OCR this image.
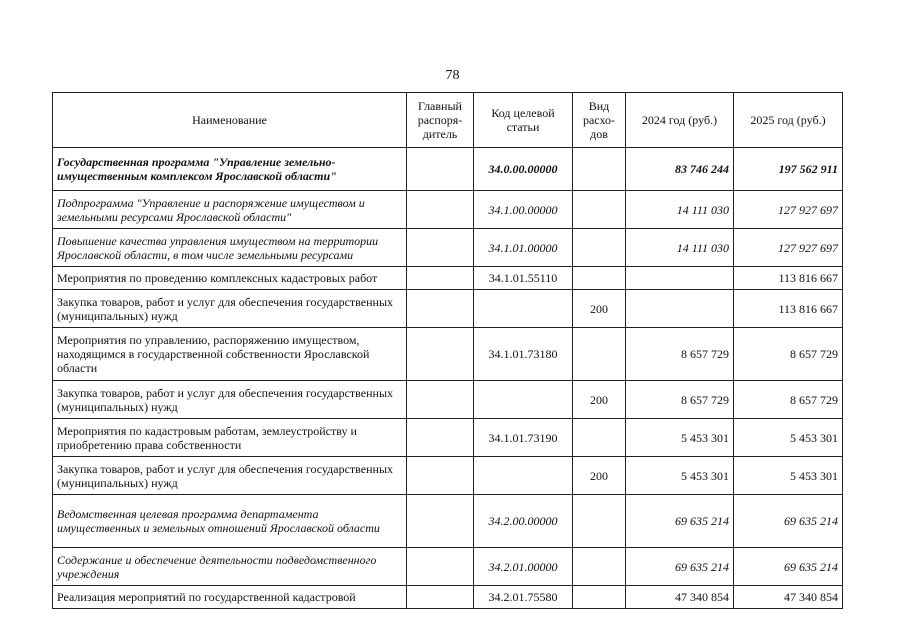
78
Наименование	Главный распоря-дитель	Код целевой статьи	Вид расхо-дов	2024 год (руб.)	2025 год (руб.)
Государственная программа "Управление земельно-имущественным комплексом Ярославской области"		34.0.00.00000		83 746 244	197 562 911
Подпрограмма "Управление и распоряжение имуществом и земельными ресурсами Ярославской области"		34.1.00.00000		14 111 030	127 927 697
Повышение качества управления имуществом на территории Ярославской области, в том числе земельными ресурсами		34.1.01.00000		14 111 030	127 927 697
Мероприятия по проведению комплексных кадастровых работ		34.1.01.55110			113 816 667
Закупка товаров, работ и услуг для обеспечения государственных (муниципальных) нужд			200		113 816 667
Мероприятия по управлению, распоряжению имуществом, находящимся в государственной собственности Ярославской области		34.1.01.73180		8 657 729	8 657 729
Закупка товаров, работ и услуг для обеспечения государственных (муниципальных) нужд			200	8 657 729	8 657 729
Мероприятия по кадастровым работам, землеустройству и приобретению права собственности		34.1.01.73190		5 453 301	5 453 301
Закупка товаров, работ и услуг для обеспечения государственных (муниципальных) нужд			200	5 453 301	5 453 301
Ведомственная целевая программа департамента имущественных и земельных отношений Ярославской области		34.2.00.00000		69 635 214	69 635 214
Содержание и обеспечение деятельности подведомственного учреждения		34.2.01.00000		69 635 214	69 635 214
Реализация мероприятий по государственной кадастровой		34.2.01.75580		47 340 854	47 340 854
